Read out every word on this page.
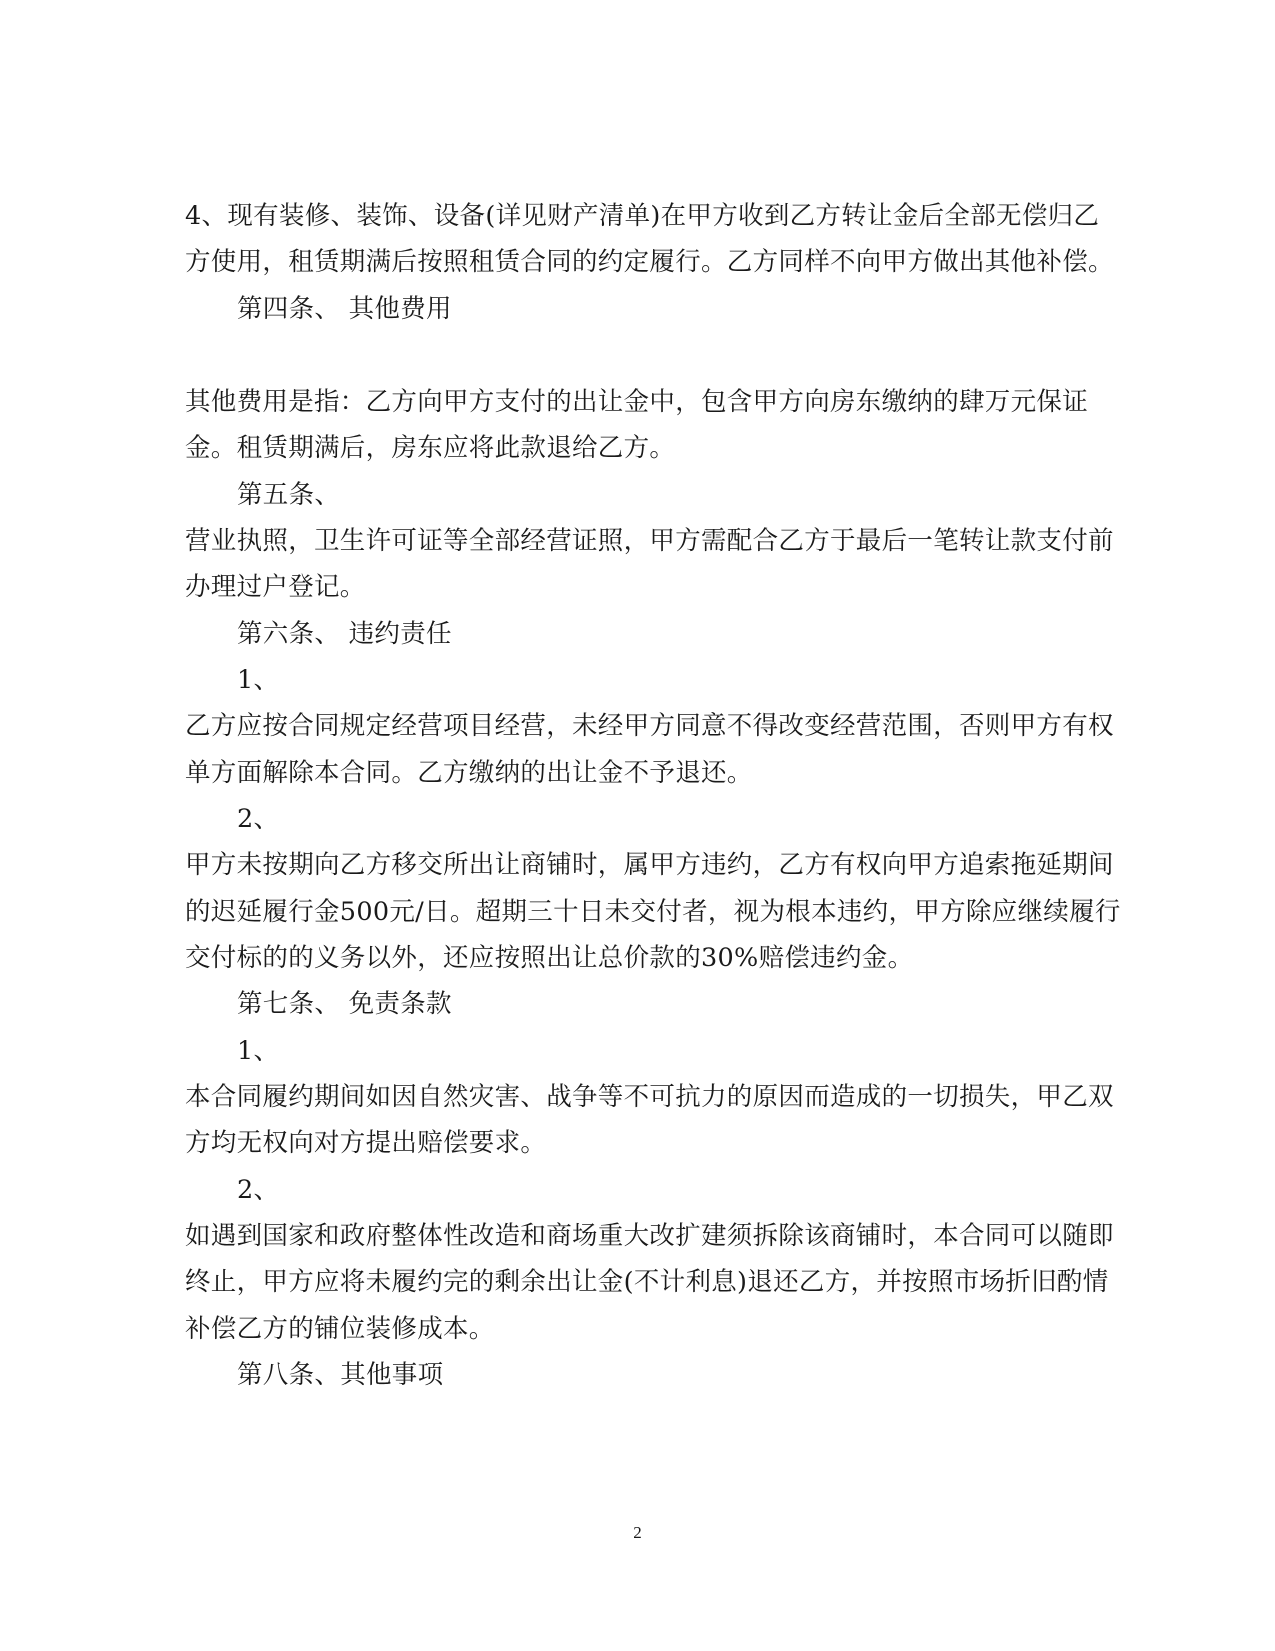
4、现有装修、装饰、设备(详见财产清单)在甲方收到乙方转让金后全部无偿归乙
方使用，租赁期满后按照租赁合同的约定履行。乙方同样不向甲方做出其他补偿。
第四条、 其他费用
其他费用是指：乙方向甲方支付的出让金中，包含甲方向房东缴纳的肆万元保证
金。租赁期满后，房东应将此款退给乙方。
第五条、
营业执照，卫生许可证等全部经营证照，甲方需配合乙方于最后一笔转让款支付前
办理过户登记。
第六条、 违约责任
1、
乙方应按合同规定经营项目经营，未经甲方同意不得改变经营范围，否则甲方有权
单方面解除本合同。乙方缴纳的出让金不予退还。
2、
甲方未按期向乙方移交所出让商铺时，属甲方违约，乙方有权向甲方追索拖延期间
的迟延履行金500元/日。超期三十日未交付者，视为根本违约，甲方除应继续履行
交付标的的义务以外，还应按照出让总价款的30%赔偿违约金。
第七条、 免责条款
1、
本合同履约期间如因自然灾害、战争等不可抗力的原因而造成的一切损失，甲乙双
方均无权向对方提出赔偿要求。
2、
如遇到国家和政府整体性改造和商场重大改扩建须拆除该商铺时，本合同可以随即
终止，甲方应将未履约完的剩余出让金(不计利息)退还乙方，并按照市场折旧酌情
补偿乙方的铺位装修成本。
第八条、其他事项
2
